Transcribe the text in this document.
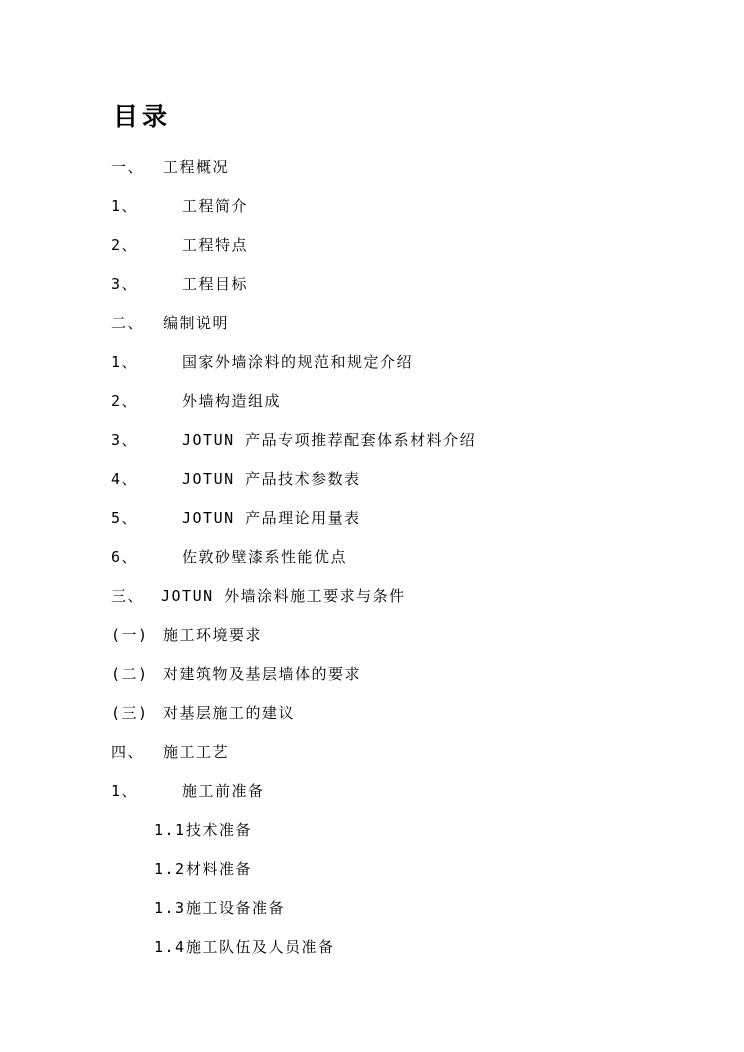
目录
一、 工程概况
1、	工程简介
2、	工程特点
3、	工程目标
二、 编制说明
1、	国家外墙涂料的规范和规定介绍
2、	外墙构造组成
3、	JOTUN 产品专项推荐配套体系材料介绍
4、	JOTUN 产品技术参数表
5、	JOTUN 产品理论用量表
6、	佐敦砂壁漆系性能优点
三、 JOTUN 外墙涂料施工要求与条件
(一) 施工环境要求
(二) 对建筑物及基层墙体的要求
(三) 对基层施工的建议
四、 施工工艺
1、	施工前准备
1.1 技术准备
1.2 材料准备
1.3 施工设备准备
1.4 施工队伍及人员准备
